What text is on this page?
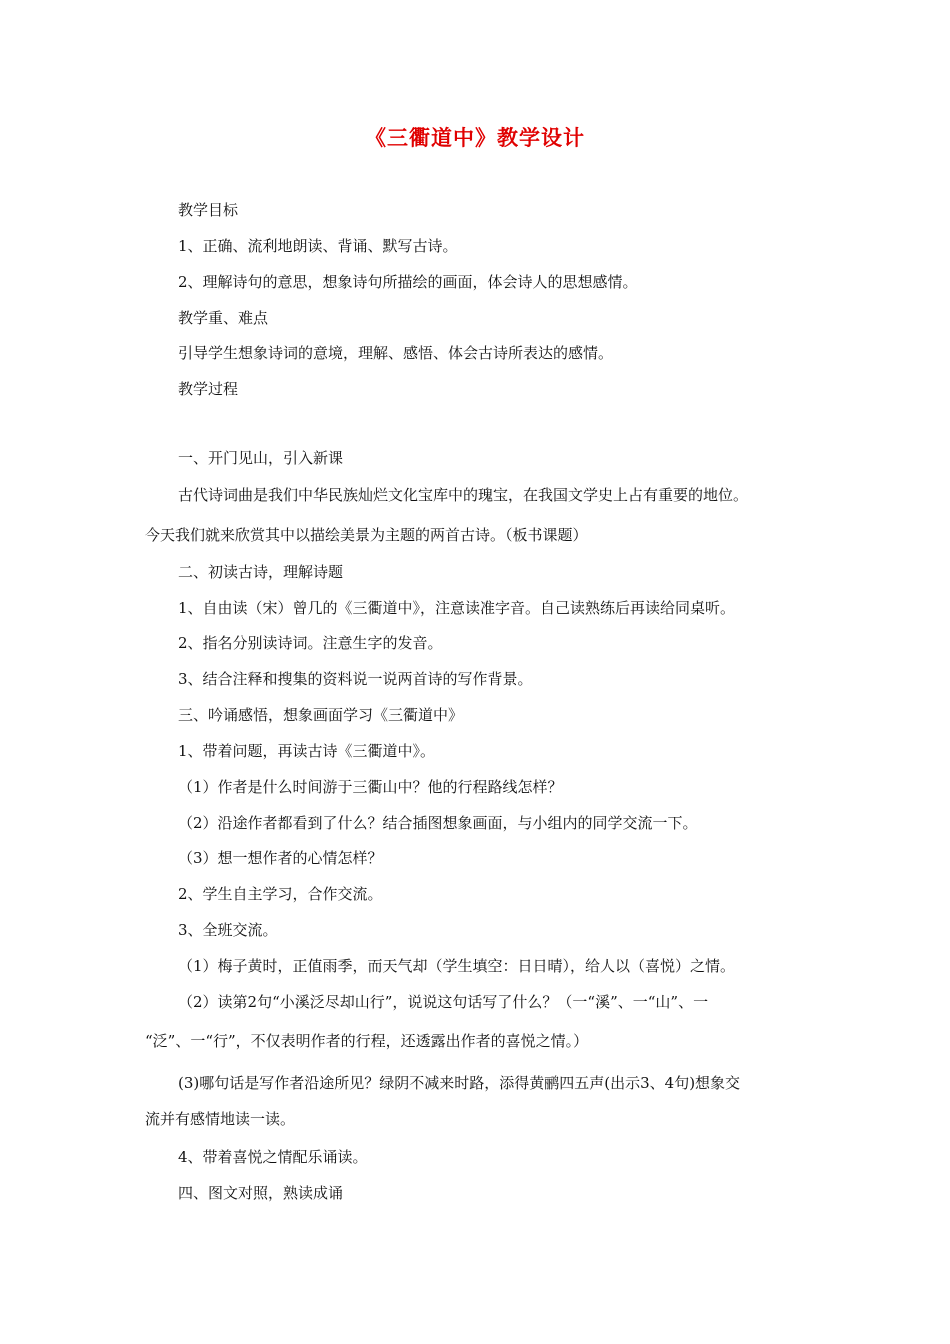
《三衢道中》教学设计
教学目标
1、正确、流利地朗读、背诵、默写古诗。
2、理解诗句的意思，想象诗句所描绘的画面，体会诗人的思想感情。
教学重、难点
引导学生想象诗词的意境，理解、感悟、体会古诗所表达的感情。
教学过程
一、开门见山，引入新课
古代诗词曲是我们中华民族灿烂文化宝库中的瑰宝，在我国文学史上占有重要的地位。
今天我们就来欣赏其中以描绘美景为主题的两首古诗。（板书课题）
二、初读古诗，理解诗题
1、自由读（宋）曾几的《三衢道中》，注意读准字音。自己读熟练后再读给同桌听。
2、指名分别读诗词。注意生字的发音。
3、结合注释和搜集的资料说一说两首诗的写作背景。
三、吟诵感悟，想象画面学习《三衢道中》
1、带着问题，再读古诗《三衢道中》。
（1）作者是什么时间游于三衢山中？他的行程路线怎样？
（2）沿途作者都看到了什么？结合插图想象画面，与小组内的同学交流一下。
（3）想一想作者的心情怎样？
2、学生自主学习，合作交流。
3、全班交流。
（1）梅子黄时，正值雨季，而天气却（学生填空：日日晴），给人以（喜悦）之情。
（2）读第2句“小溪泛尽却山行”，说说这句话写了什么？（一“溪”、一“山”、一
“泛”、一“行”，不仅表明作者的行程，还透露出作者的喜悦之情。）
(3)哪句话是写作者沿途所见？绿阴不减来时路，添得黄鹂四五声(出示3、4句)想象交
流并有感情地读一读。
4、带着喜悦之情配乐诵读。
四、图文对照，熟读成诵
